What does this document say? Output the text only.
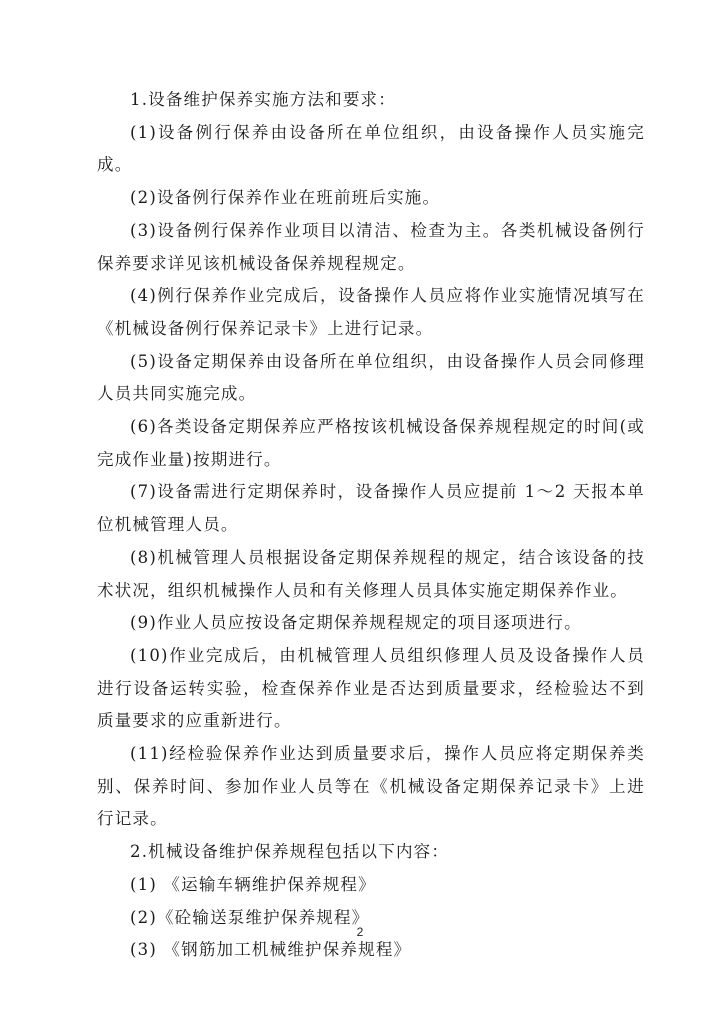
1.设备维护保养实施方法和要求：

(1)设备例行保养由设备所在单位组织，由设备操作人员实施完成。

(2)设备例行保养作业在班前班后实施。

(3)设备例行保养作业项目以清洁、检查为主。各类机械设备例行保养要求详见该机械设备保养规程规定。

(4)例行保养作业完成后，设备操作人员应将作业实施情况填写在《机械设备例行保养记录卡》上进行记录。

(5)设备定期保养由设备所在单位组织，由设备操作人员会同修理人员共同实施完成。

(6)各类设备定期保养应严格按该机械设备保养规程规定的时间(或完成作业量)按期进行。

(7)设备需进行定期保养时，设备操作人员应提前 1～2 天报本单位机械管理人员。

(8)机械管理人员根据设备定期保养规程的规定，结合该设备的技术状况，组织机械操作人员和有关修理人员具体实施定期保养作业。

(9)作业人员应按设备定期保养规程规定的项目逐项进行。

(10)作业完成后，由机械管理人员组织修理人员及设备操作人员进行设备运转实验，检查保养作业是否达到质量要求，经检验达不到质量要求的应重新进行。

(11)经检验保养作业达到质量要求后，操作人员应将定期保养类别、保养时间、参加作业人员等在《机械设备定期保养记录卡》上进行记录。

2.机械设备维护保养规程包括以下内容：

(1) 《运输车辆维护保养规程》

(2)《砼输送泵维护保养规程》

(3) 《钢筋加工机械维护保养规程》

2
